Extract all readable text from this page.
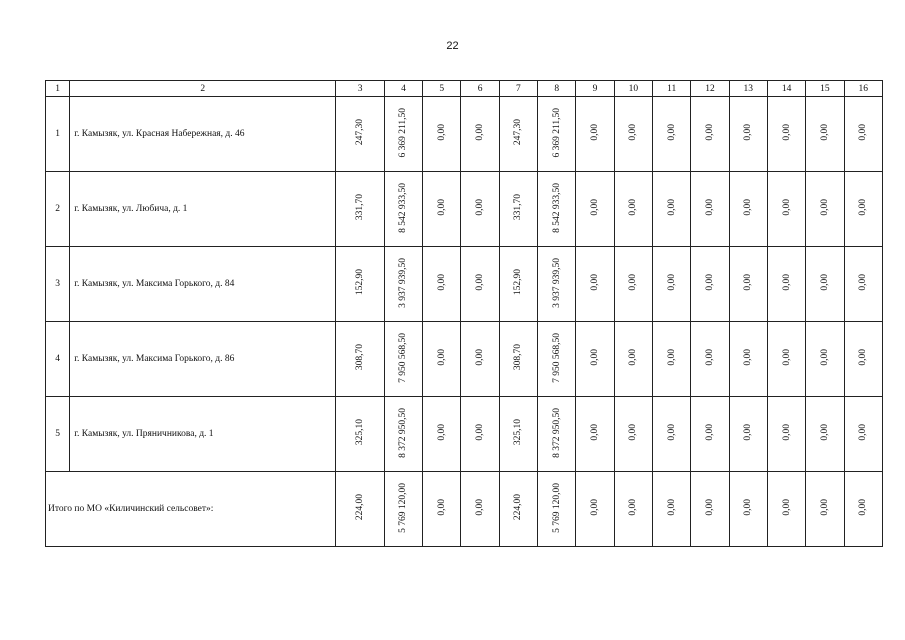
22
1	2	3	4	5	6	7	8	9	10	11	12	13	14	15	16
1	г. Камызяк, ул. Красная Набережная, д. 46	247,30	6 369 211,50	0,00	0,00	247,30	6 369 211,50	0,00	0,00	0,00	0,00	0,00	0,00	0,00	0,00
2	г. Камызяк, ул. Любича, д. 1	331,70	8 542 933,50	0,00	0,00	331,70	8 542 933,50	0,00	0,00	0,00	0,00	0,00	0,00	0,00	0,00
3	г. Камызяк, ул. Максима Горького, д. 84	152,90	3 937 939,50	0,00	0,00	152,90	3 937 939,50	0,00	0,00	0,00	0,00	0,00	0,00	0,00	0,00
4	г. Камызяк, ул. Максима Горького, д. 86	308,70	7 950 568,50	0,00	0,00	308,70	7 950 568,50	0,00	0,00	0,00	0,00	0,00	0,00	0,00	0,00
5	г. Камызяк, ул. Пряничникова, д. 1	325,10	8 372 950,50	0,00	0,00	325,10	8 372 950,50	0,00	0,00	0,00	0,00	0,00	0,00	0,00	0,00
Итого по МО «Киличинский сельсовет»:		224,00	5 769 120,00	0,00	0,00	224,00	5 769 120,00	0,00	0,00	0,00	0,00	0,00	0,00	0,00	0,00
